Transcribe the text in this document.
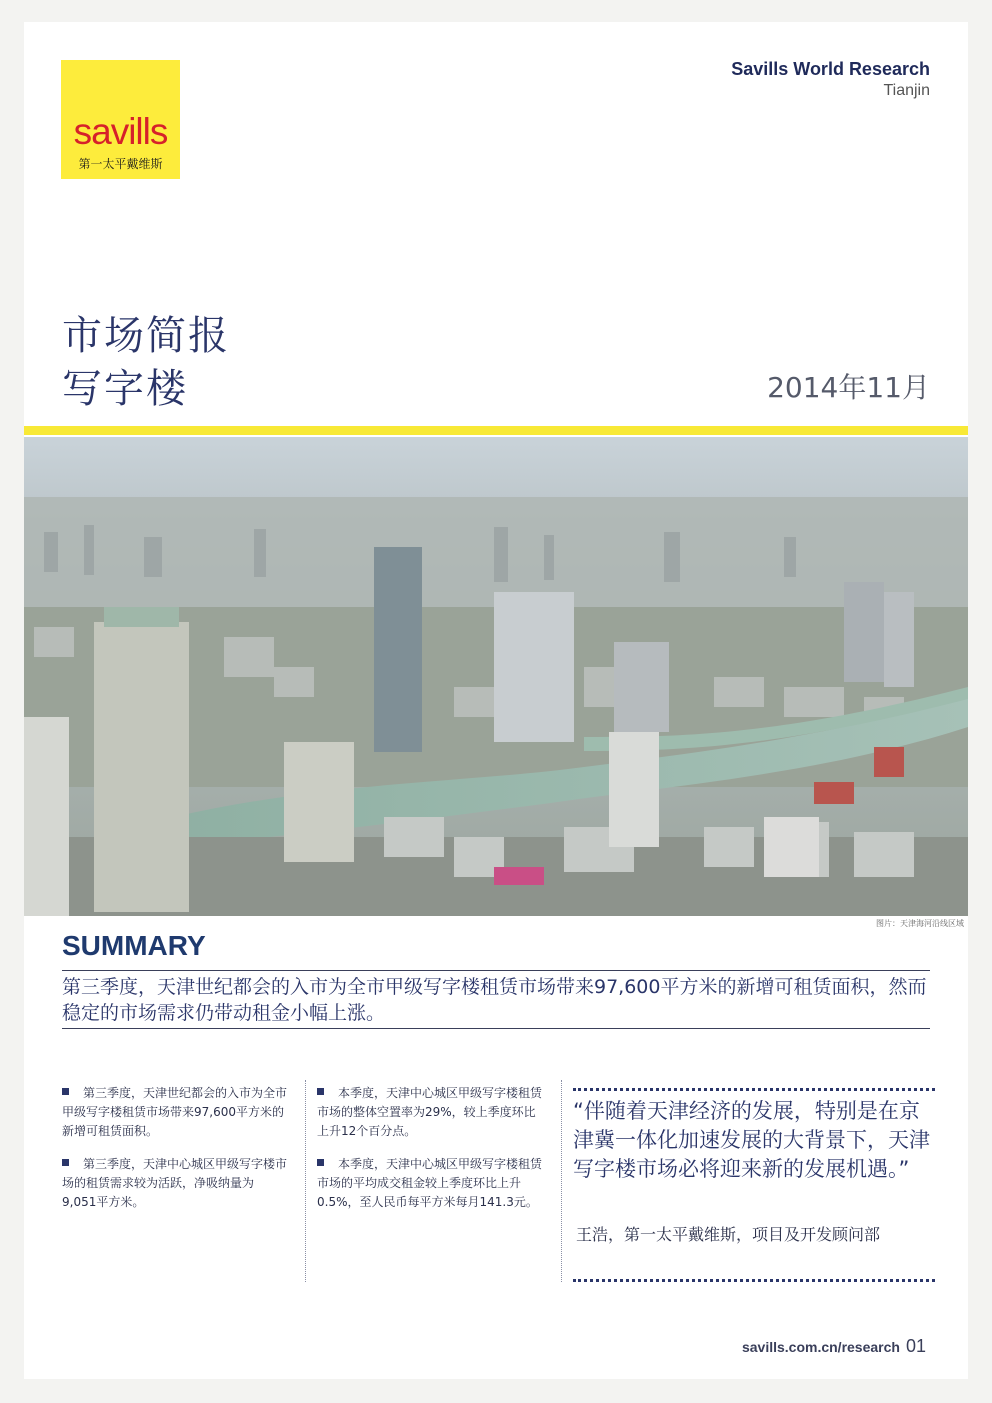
savills
第一太平戴维斯
Savills World Research
Tianjin
市场简报
写字楼	2014年11月
图片：天津海河沿线区域
SUMMARY
第三季度，天津世纪都会的入市为全市甲级写字楼租赁市场带来97,600平方米的新增可租赁面积，然而稳定的市场需求仍带动租金小幅上涨。

第三季度，天津世纪都会的入市为全市甲级写字楼租赁市场带来97,600平方米的新增可租赁面积。

第三季度，天津中心城区甲级写字楼市场的租赁需求较为活跃，净吸纳量为9,051平方米。

本季度，天津中心城区甲级写字楼租赁市场的整体空置率为29%，较上季度环比上升12个百分点。

本季度，天津中心城区甲级写字楼租赁市场的平均成交租金较上季度环比上升0.5%，至人民币每平方米每月141.3元。

“伴随着天津经济的发展，特别是在京津冀一体化加速发展的大背景下，天津写字楼市场必将迎来新的发展机遇。”
王浩，第一太平戴维斯，项目及开发顾问部
savills.com.cn/research 01
